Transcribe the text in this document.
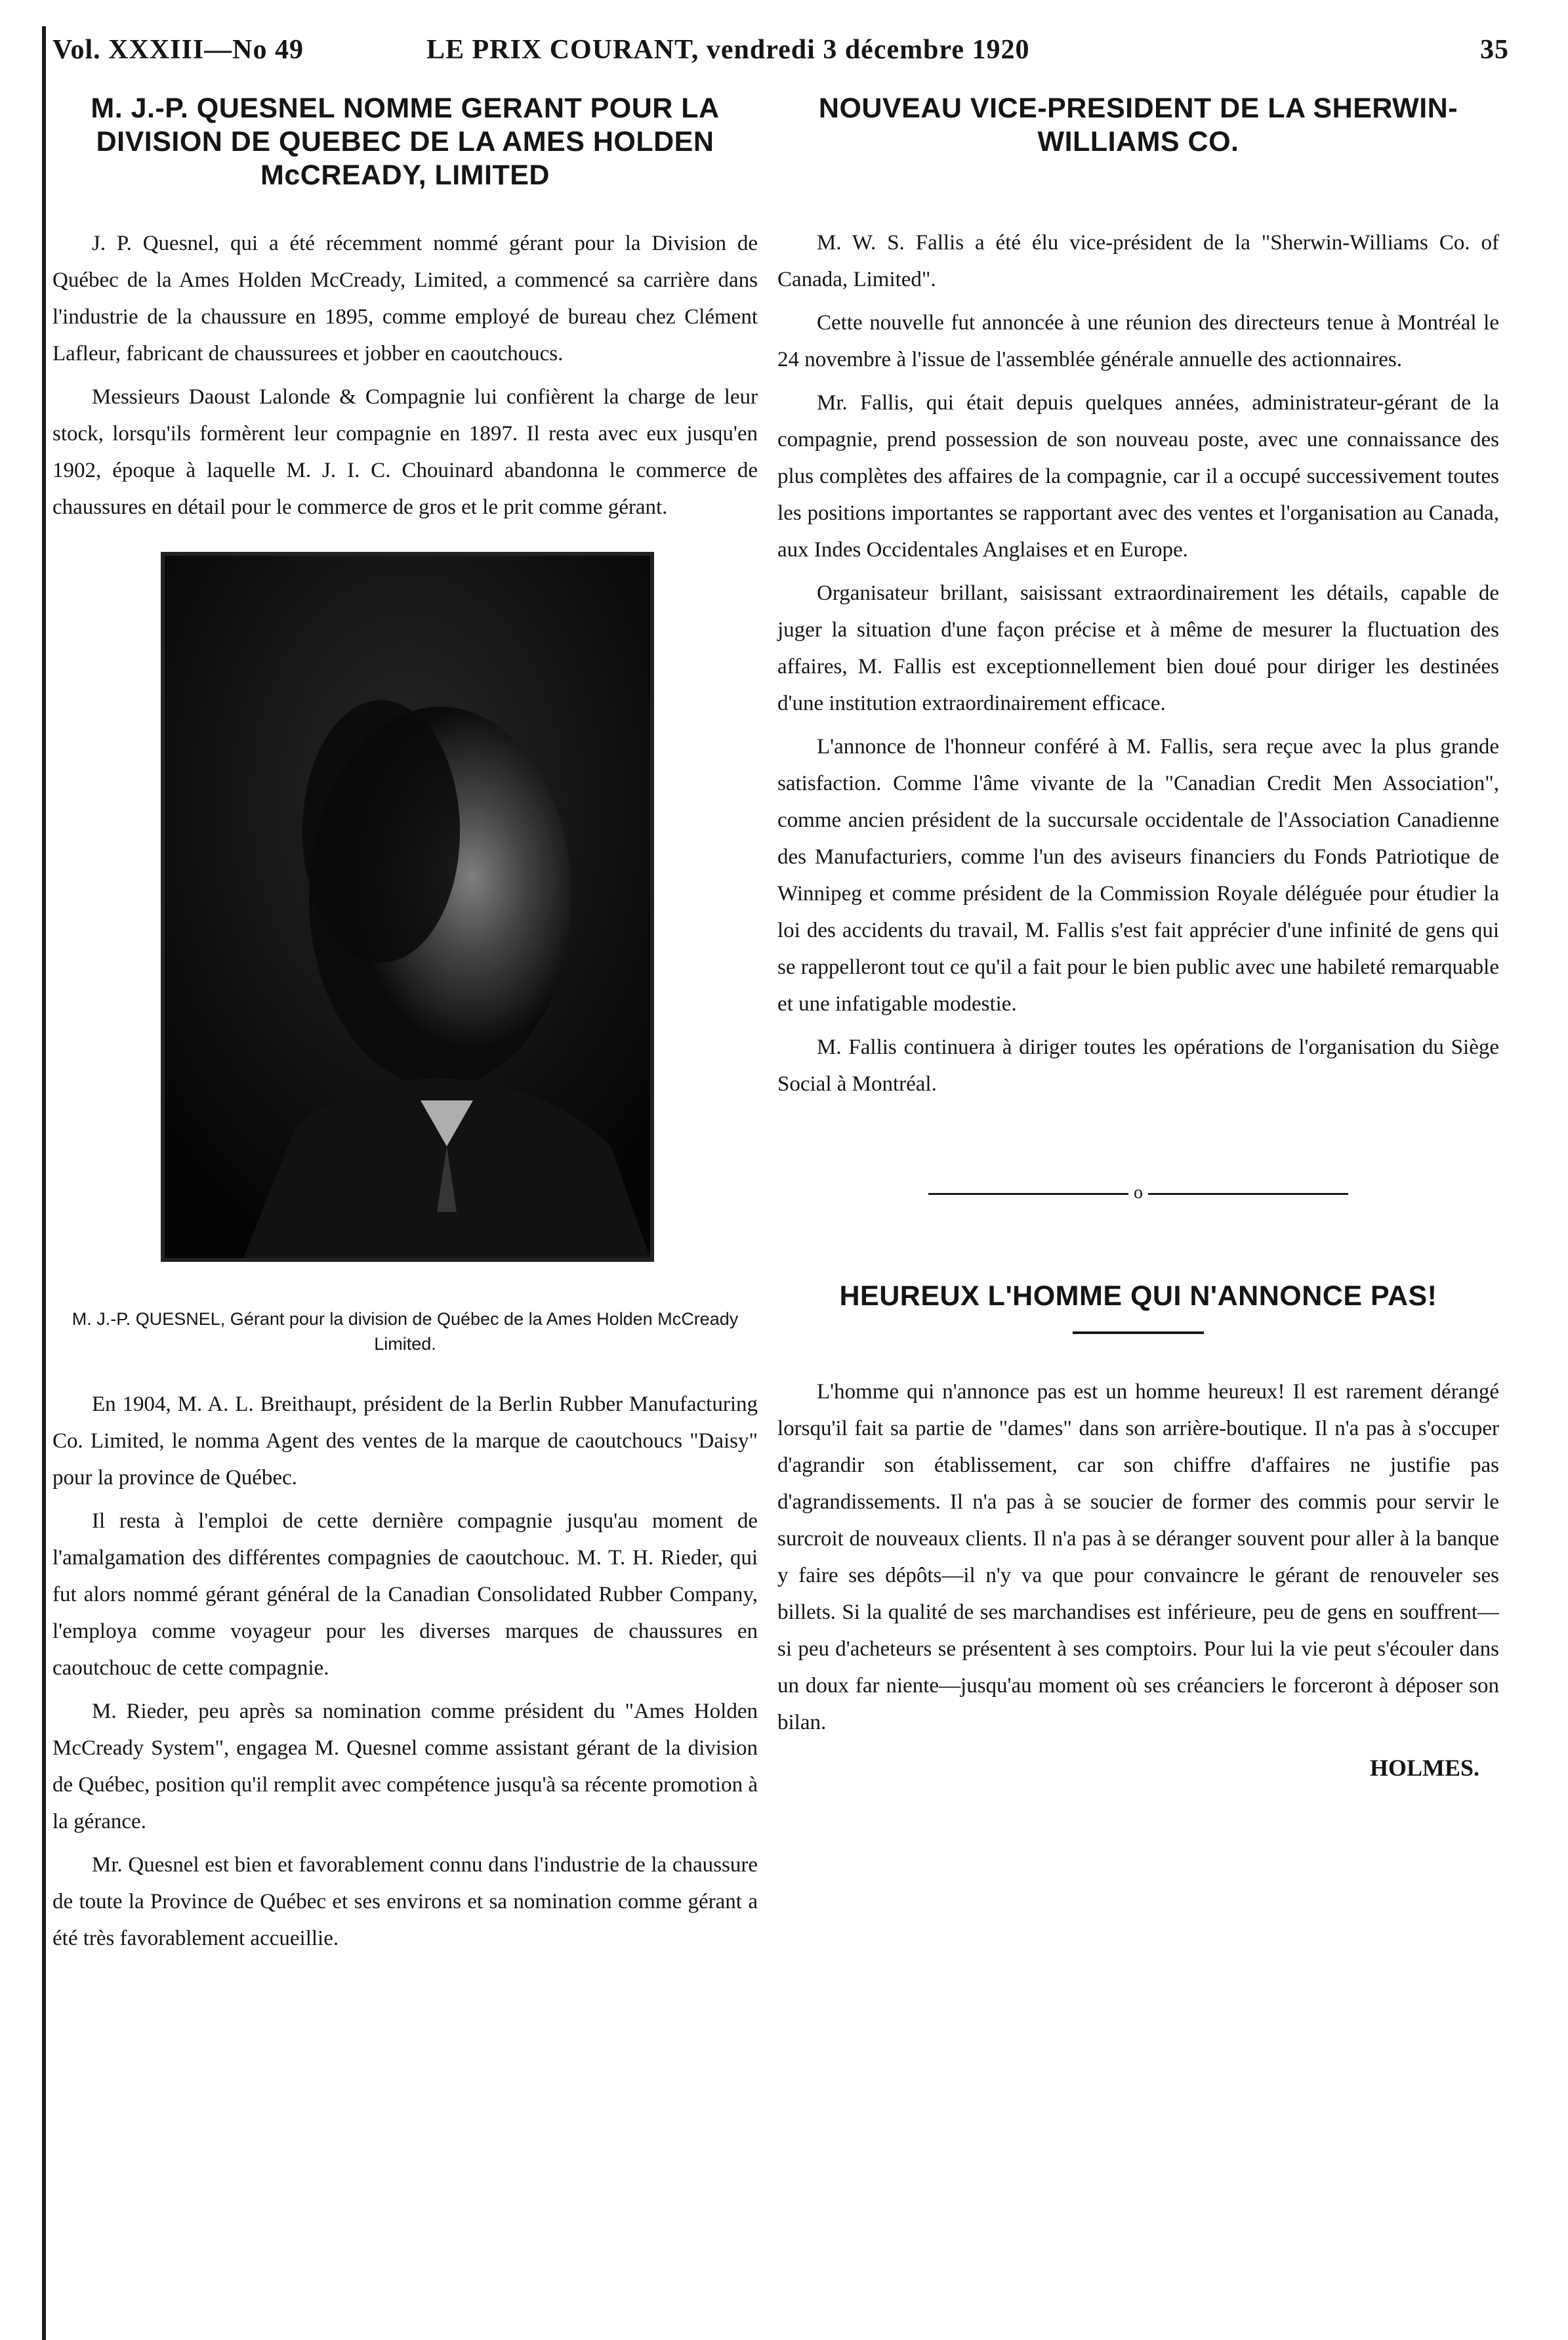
Vol. XXXIII—No 49	LE PRIX COURANT, vendredi 3 décembre 1920	35
M. J.-P. QUESNEL NOMME GERANT POUR LA DIVISION DE QUEBEC DE LA AMES HOLDEN McCREADY, LIMITED

J. P. Quesnel, qui a été récemment nommé gérant pour la Division de Québec de la Ames Holden McCready, Limited, a commencé sa carrière dans l'industrie de la chaussure en 1895, comme employé de bureau chez Clément Lafleur, fabricant de chaussurees et jobber en caoutchoucs.

Messieurs Daoust Lalonde & Compagnie lui confièrent la charge de leur stock, lorsqu'ils formèrent leur compagnie en 1897. Il resta avec eux jusqu'en 1902, époque à laquelle M. J. I. C. Chouinard abandonna le commerce de chaussures en détail pour le commerce de gros et le prit comme gérant.

M. J.-P. QUESNEL, Gérant pour la division de Québec de la Ames Holden McCready Limited.

En 1904, M. A. L. Breithaupt, président de la Berlin Rubber Manufacturing Co. Limited, le nomma Agent des ventes de la marque de caoutchoucs "Daisy" pour la province de Québec.

Il resta à l'emploi de cette dernière compagnie jusqu'au moment de l'amalgamation des différentes compagnies de caoutchouc. M. T. H. Rieder, qui fut alors nommé gérant général de la Canadian Consolidated Rubber Company, l'employa comme voyageur pour les diverses marques de chaussures en caoutchouc de cette compagnie.

M. Rieder, peu après sa nomination comme président du "Ames Holden McCready System", engagea M. Quesnel comme assistant gérant de la division de Québec, position qu'il remplit avec compétence jusqu'à sa récente promotion à la gérance.

Mr. Quesnel est bien et favorablement connu dans l'industrie de la chaussure de toute la Province de Québec et ses environs et sa nomination comme gérant a été très favorablement accueillie.

NOUVEAU VICE-PRESIDENT DE LA SHERWIN-WILLIAMS CO.

M. W. S. Fallis a été élu vice-président de la "Sherwin-Williams Co. of Canada, Limited".

Cette nouvelle fut annoncée à une réunion des directeurs tenue à Montréal le 24 novembre à l'issue de l'assemblée générale annuelle des actionnaires.

Mr. Fallis, qui était depuis quelques années, administrateur-gérant de la compagnie, prend possession de son nouveau poste, avec une connaissance des plus complètes des affaires de la compagnie, car il a occupé successivement toutes les positions importantes se rapportant avec des ventes et l'organisation au Canada, aux Indes Occidentales Anglaises et en Europe.

Organisateur brillant, saisissant extraordinairement les détails, capable de juger la situation d'une façon précise et à même de mesurer la fluctuation des affaires, M. Fallis est exceptionnellement bien doué pour diriger les destinées d'une institution extraordinairement efficace.

L'annonce de l'honneur conféré à M. Fallis, sera reçue avec la plus grande satisfaction. Comme l'âme vivante de la "Canadian Credit Men Association", comme ancien président de la succursale occidentale de l'Association Canadienne des Manufacturiers, comme l'un des aviseurs financiers du Fonds Patriotique de Winnipeg et comme président de la Commission Royale déléguée pour étudier la loi des accidents du travail, M. Fallis s'est fait apprécier d'une infinité de gens qui se rappelleront tout ce qu'il a fait pour le bien public avec une habileté remarquable et une infatigable modestie.

M. Fallis continuera à diriger toutes les opérations de l'organisation du Siège Social à Montréal.

o
HEUREUX L'HOMME QUI N'ANNONCE PAS!

L'homme qui n'annonce pas est un homme heureux! Il est rarement dérangé lorsqu'il fait sa partie de "dames" dans son arrière-boutique. Il n'a pas à s'occuper d'agrandir son établissement, car son chiffre d'affaires ne justifie pas d'agrandissements. Il n'a pas à se soucier de former des commis pour servir le surcroit de nouveaux clients. Il n'a pas à se déranger souvent pour aller à la banque y faire ses dépôts—il n'y va que pour convaincre le gérant de renouveler ses billets. Si la qualité de ses marchandises est inférieure, peu de gens en souffrent—si peu d'acheteurs se présentent à ses comptoirs. Pour lui la vie peut s'écouler dans un doux far niente—jusqu'au moment où ses créanciers le forceront à déposer son bilan.

HOLMES.
